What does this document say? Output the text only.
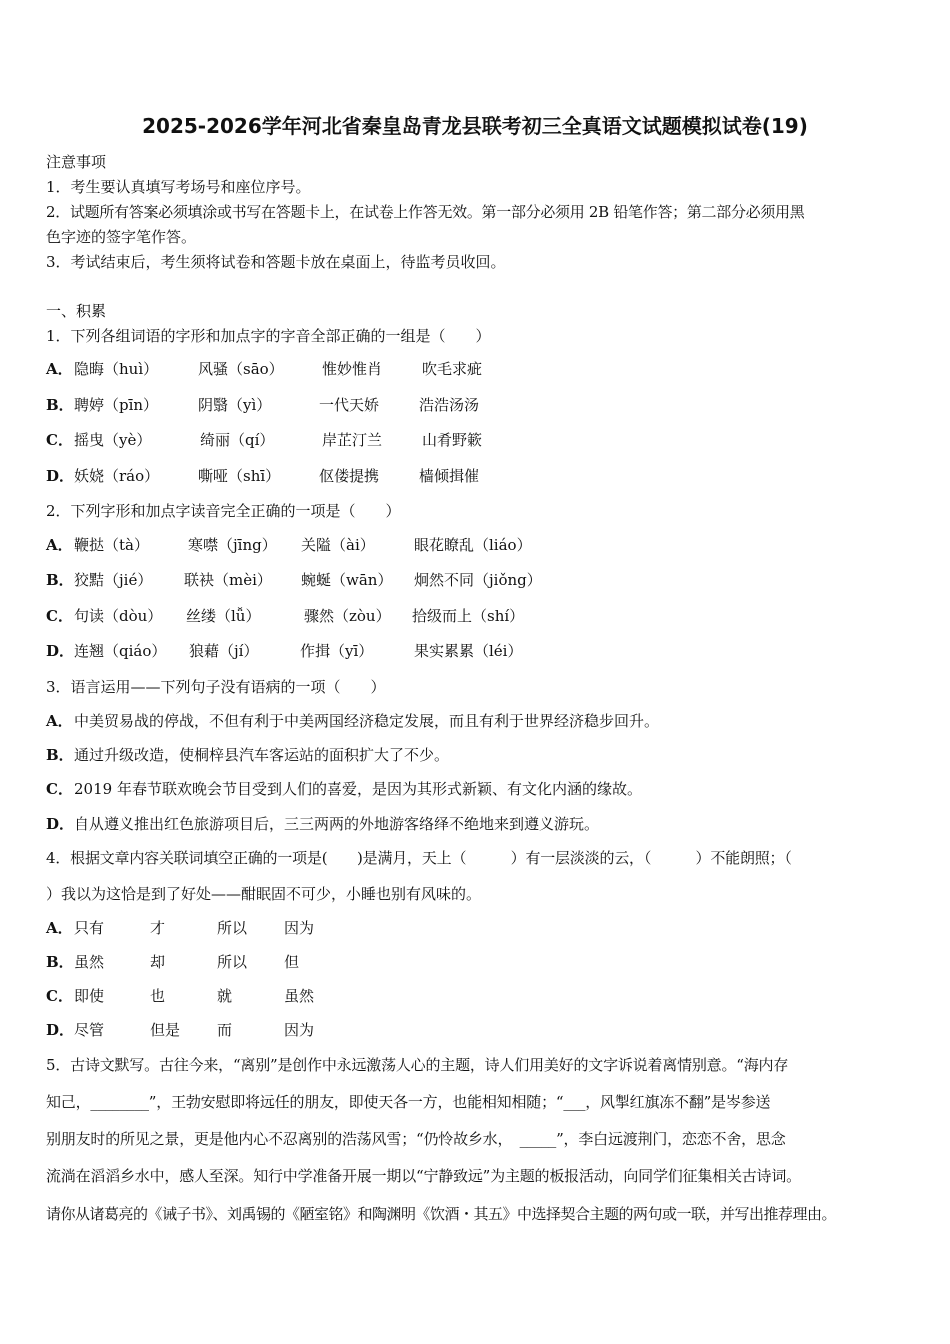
2025-2026学年河北省秦皇岛青龙县联考初三全真语文试题模拟试卷(19)
注意事项
1．考生要认真填写考场号和座位序号。
2．试题所有答案必须填涂或书写在答题卡上，在试卷上作答无效。第一部分必须用 2B 铅笔作答；第二部分必须用黑
色字迹的签字笔作答。
3．考试结束后，考生须将试卷和答题卡放在桌面上，待监考员收回。
一、积累
1．下列各组词语的字形和加点字的字音全部正确的一组是（　　）
A． 隐晦（huì）	风骚（sāo）	惟妙惟肖	吹毛求疵
B． 聘婷（pīn）	阴翳（yì）	一代天娇	浩浩汤汤
C． 摇曳（yè）	绮丽（qí）	岸芷汀兰	山肴野簌
D． 妖娆（ráo）	嘶哑（shī）	伛偻提携	樯倾揖催
2．下列字形和加点字读音完全正确的一项是（　　）
A． 鞭挞（tà）	寒噤（jīng） 关隘（ài）	眼花瞭乱（liáo）
B． 狡黠（jié） 联袂（mèi） 蜿蜒（wān） 炯然不同（jiǒng）
C． 句读（dòu） 丝缕（lǚ）	骤然（zòu） 拾级而上（shí）
D． 连翘（qiáo） 狼藉（jí）	作揖（yī）	果实累累（léi）
3．语言运用——下列句子没有语病的一项（　　）
A．中美贸易战的停战，不但有利于中美两国经济稳定发展，而且有利于世界经济稳步回升。
B．通过升级改造，使桐梓县汽车客运站的面积扩大了不少。
C．2019 年春节联欢晚会节目受到人们的喜爱，是因为其形式新颖、有文化内涵的缘故。
D．自从遵义推出红色旅游项目后，三三两两的外地游客络绎不绝地来到遵义游玩。
4．根据文章内容关联词填空正确的一项是(　　)是满月，天上（　　　）有一层淡淡的云，（　　　）不能朗照；（
）我以为这恰是到了好处——酣眠固不可少，小睡也别有风味的。
A． 只有	才	所以 因为
B． 虽然	却	所以 但
C． 即使	也	就	虽然
D． 尽管	但是 而	因为
5．古诗文默写。古往今来，“离别”是创作中永远激荡人心的主题，诗人们用美好的文字诉说着离情别意。“海内存
知己，________”，王勃安慰即将远任的朋友，即使天各一方，也能相知相随；“___，风掣红旗冻不翻”是岑参送
别朋友时的所见之景，更是他内心不忍离别的浩荡风雪；“仍怜故乡水，　_____”，李白远渡荆门，恋恋不舍，思念
流淌在滔滔乡水中，感人至深。知行中学准备开展一期以“宁静致远”为主题的板报活动，向同学们征集相关古诗词。
请你从诸葛亮的《诫子书》、刘禹锡的《陋室铭》和陶渊明《饮酒・其五》中选择契合主题的两句或一联，并写出推荐理由。
